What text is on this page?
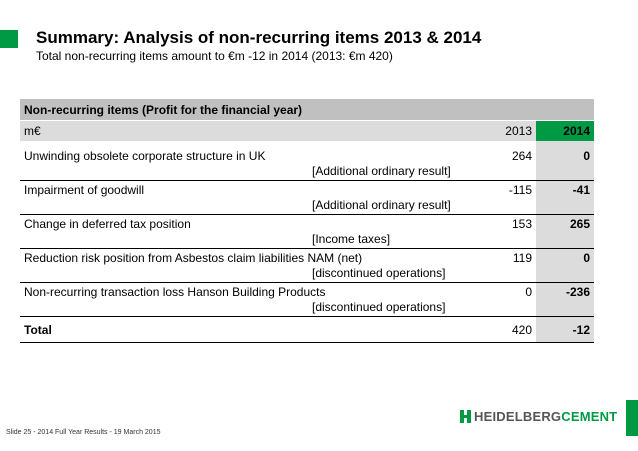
Summary: Analysis of non-recurring items 2013 & 2014
Total non-recurring items amount to €m -12 in 2014 (2013: €m 420)
Non-recurring items (Profit for the financial year)
m€	2013	2014
Unwinding obsolete corporate structure in UK
[Additional ordinary result]
264	0
Impairment of goodwill
[Additional ordinary result]
-115	-41
Change in deferred tax position
[Income taxes]
153	265
Reduction risk position from Asbestos claim liabilities NAM (net)
[discontinued operations]
119	0
Non-recurring transaction loss Hanson Building Products
[discontinued operations]
0	-236
Total	420	-12
Slide 25 - 2014 Full Year Results - 19 March 2015
HEIDELBERGCEMENT
